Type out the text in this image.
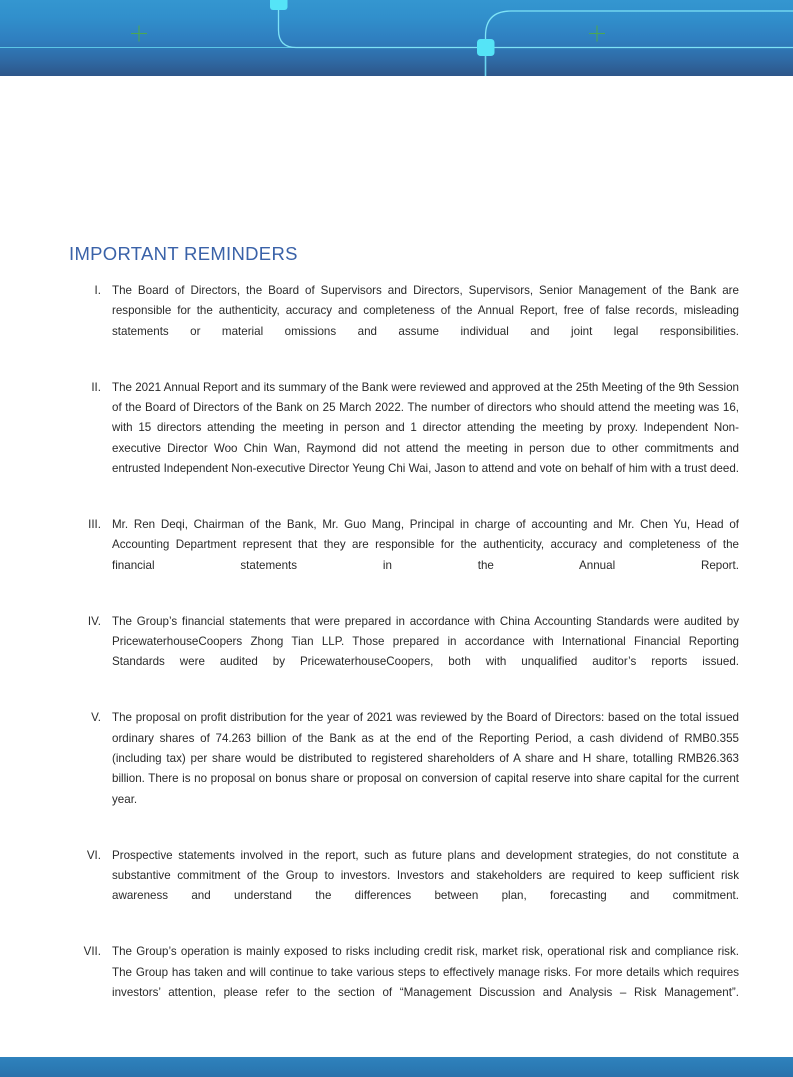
IMPORTANT REMINDERS
I. The Board of Directors, the Board of Supervisors and Directors, Supervisors, Senior Management of the Bank are responsible for the authenticity, accuracy and completeness of the Annual Report, free of false records, misleading statements or material omissions and assume individual and joint legal responsibilities.
II. The 2021 Annual Report and its summary of the Bank were reviewed and approved at the 25th Meeting of the 9th Session of the Board of Directors of the Bank on 25 March 2022. The number of directors who should attend the meeting was 16, with 15 directors attending the meeting in person and 1 director attending the meeting by proxy. Independent Non-executive Director Woo Chin Wan, Raymond did not attend the meeting in person due to other commitments and entrusted Independent Non-executive Director Yeung Chi Wai, Jason to attend and vote on behalf of him with a trust deed.
III. Mr. Ren Deqi, Chairman of the Bank, Mr. Guo Mang, Principal in charge of accounting and Mr. Chen Yu, Head of Accounting Department represent that they are responsible for the authenticity, accuracy and completeness of the financial statements in the Annual Report.
IV. The Group’s financial statements that were prepared in accordance with China Accounting Standards were audited by PricewaterhouseCoopers Zhong Tian LLP. Those prepared in accordance with International Financial Reporting Standards were audited by PricewaterhouseCoopers, both with unqualified auditor’s reports issued.
V. The proposal on profit distribution for the year of 2021 was reviewed by the Board of Directors: based on the total issued ordinary shares of 74.263 billion of the Bank as at the end of the Reporting Period, a cash dividend of RMB0.355 (including tax) per share would be distributed to registered shareholders of A share and H share, totalling RMB26.363 billion. There is no proposal on bonus share or proposal on conversion of capital reserve into share capital for the current year.
VI. Prospective statements involved in the report, such as future plans and development strategies, do not constitute a substantive commitment of the Group to investors. Investors and stakeholders are required to keep sufficient risk awareness and understand the differences between plan, forecasting and commitment.
VII. The Group’s operation is mainly exposed to risks including credit risk, market risk, operational risk and compliance risk. The Group has taken and will continue to take various steps to effectively manage risks. For more details which requires investors’ attention, please refer to the section of “Management Discussion and Analysis – Risk Management”.
